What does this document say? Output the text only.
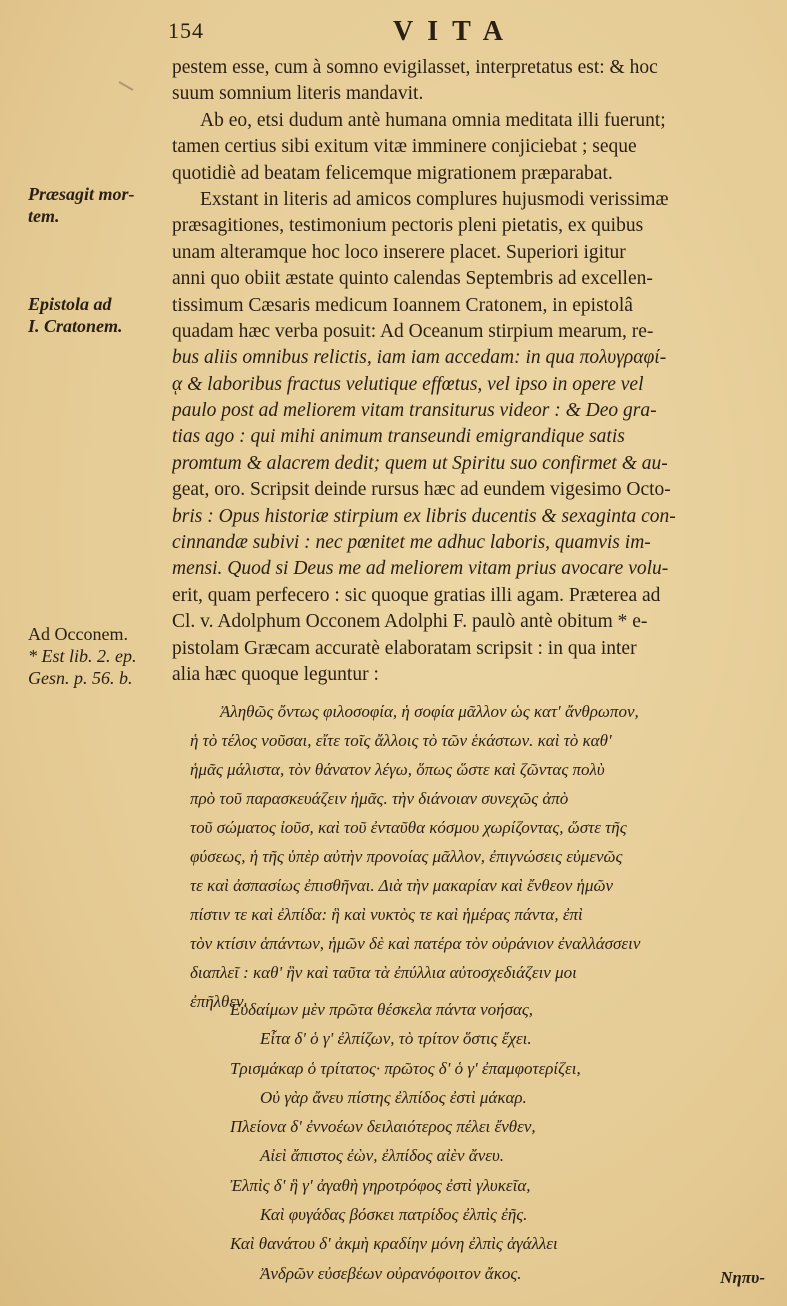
154	VITA
Præsagit mor-
tem.
Epistola ad
I. Cratonem.
Ad Occonem.
* Est lib. 2. ep.
Gesn. p. 56. b.
pestem esse, cum à somno evigilasset, interpretatus est: & hoc
suum somnium literis mandavit.
Ab eo, etsi dudum antè humana omnia meditata illi fuerunt;
tamen certius sibi exitum vitæ imminere conjiciebat ; seque
quotidiè ad beatam felicemque migrationem præparabat.
Exstant in literis ad amicos complures hujusmodi verissimæ
præsagitiones, testimonium pectoris pleni pietatis, ex quibus
unam alteramque hoc loco inserere placet. Superiori igitur
anni quo obiit æstate quinto calendas Septembris ad excellen-
tissimum Cæsaris medicum Ioannem Cratonem, in epistolâ
quadam hæc verba posuit: Ad Oceanum stirpium mearum, re-
bus aliis omnibus relictis, iam iam accedam: in qua πολυγραφί-
ᾳ & laboribus fractus velutique effœtus, vel ipso in opere vel
paulo post ad meliorem vitam transiturus videor : & Deo gra-
tias ago : qui mihi animum transeundi emigrandique satis
promtum & alacrem dedit; quem ut Spiritu suo confirmet & au-
geat, oro. Scripsit deinde rursus hæc ad eundem vigesimo Octo-
bris : Opus historiæ stirpium ex libris ducentis & sexaginta con-
cinnandæ subivi : nec pœnitet me adhuc laboris, quamvis im-
mensi. Quod si Deus me ad meliorem vitam prius avocare volu-
erit, quam perfecero : sic quoque gratias illi agam. Præterea ad
Cl. v. Adolphum Occonem Adolphi F. paulò antè obitum * e-
pistolam Græcam accuratè elaboratam scripsit : in qua inter
alia hæc quoque leguntur :
Ἀληθῶς ὄντως φιλοσοφία, ἡ σοφία μᾶλλον ὡς κατ' ἄνθρωπον,
ἡ τὸ τέλος νοῦσαι, εἴτε τοῖς ἄλλοις τὸ τῶν ἑκάστων. καὶ τὸ καθ'
ἡμᾶς μάλιστα, τὸν θάνατον λέγω, ὅπως ὥστε καὶ ζῶντας πολὺ
πρὸ τοῦ παρασκευάζειν ἡμᾶς. τὴν διάνοιαν συνεχῶς ἀπὸ
τοῦ σώματος ἰοῦσ, καὶ τοῦ ἐνταῦθα κόσμου χωρίζοντας, ὥστε τῆς
φύσεως, ἡ τῆς ὑπὲρ αὐτὴν προνοίας μᾶλλον, ἐπιγνώσεις εὐμενῶς
τε καὶ ἀσπασίως ἐπισθῆναι. Διὰ τὴν μακαρίαν καὶ ἔνθεον ἡμῶν
πίστιν τε καὶ ἐλπίδα: ἣ καὶ νυκτὸς τε καὶ ἡμέρας πάντα, ἐπὶ
τὸν κτίσιν ἁπάντων, ἡμῶν δὲ καὶ πατέρα τὸν οὐράνιον ἐναλλάσσειν
διαπλεῖ : καθ' ἣν καὶ ταῦτα τὰ ἐπύλλια αὐτοσχεδιάζειν μοι
ἐπῆλθεν.
Εὐδαίμων μὲν πρῶτα θέσκελα πάντα νοήσας,
Εἶτα δ' ὁ γ' ἐλπίζων, τὸ τρίτον ὅστις ἔχει.
Τρισμάκαρ ὁ τρίτατος· πρῶτος δ' ὁ γ' ἐπαμφοτερίζει,
Οὐ γὰρ ἄνευ πίστης ἐλπίδος ἐστὶ μάκαρ.
Πλείονα δ' ἐννοέων δειλαιότερος πέλει ἔνθεν,
Αἰεὶ ἄπιστος ἐὼν, ἐλπίδος αἰὲν ἄνευ.
Ἐλπὶς δ' ἣ γ' ἀγαθὴ γηροτρόφος ἐστὶ γλυκεῖα,
Καὶ φυγάδας βόσκει πατρίδος ἐλπὶς ἐῆς.
Καὶ θανάτου δ' ἀκμὴ κραδίην μόνη ἐλπὶς ἀγάλλει
Ἀνδρῶν εὐσεβέων οὐρανόφοιτον ἄκος.	Νηπυ-
